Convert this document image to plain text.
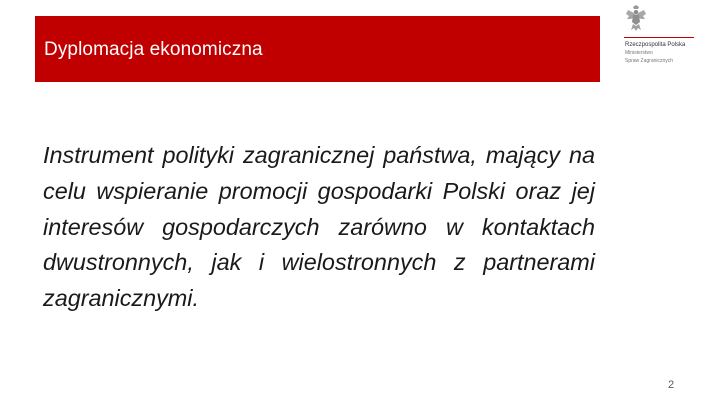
Dyplomacja ekonomiczna	Rzeczpospolita Polska
Ministerstwo
Spraw Zagranicznych

Instrument polityki zagranicznej państwa, mający na celu wspieranie promocji gospodarki Polski oraz jej interesów gospodarczych zarówno w kontaktach dwustronnych, jak i wielostronnych z partnerami zagranicznymi.

2
